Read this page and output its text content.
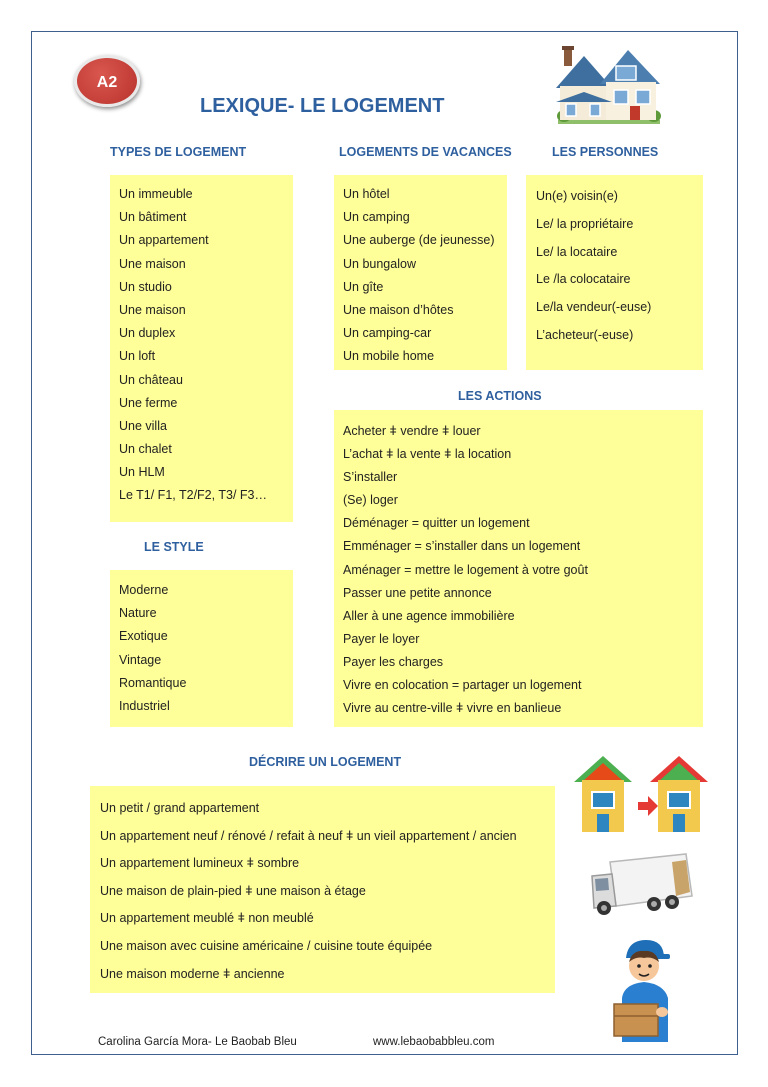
A2
LEXIQUE- LE LOGEMENT
TYPES DE LOGEMENT	LOGEMENTS DE VACANCES	LES PERSONNES
Un immeuble
Un bâtiment
Un appartement
Une maison
Un studio
Une maison
Un duplex
Un loft
Un château
Une ferme
Une villa
Un chalet
Un HLM
Le T1/ F1, T2/F2, T3/ F3…
Un hôtel
Un camping
Une auberge (de jeunesse)
Un bungalow
Un gîte
Une maison d’hôtes
Un camping-car
Un mobile home
Un(e) voisin(e)
Le/ la propriétaire
Le/ la locataire
Le /la colocataire
Le/la vendeur(-euse)
L’acheteur(-euse)
LES ACTIONS
Acheter ǂ vendre ǂ louer
L’achat ǂ la vente ǂ la location
S’installer
(Se) loger
Déménager = quitter un logement
Emménager = s’installer dans un logement
Aménager = mettre le logement à votre goût
Passer une petite annonce
Aller à une agence immobilière
Payer le loyer
Payer les charges
Vivre en colocation = partager un logement
Vivre au centre-ville ǂ vivre en banlieue
LE STYLE
Moderne
Nature
Exotique
Vintage
Romantique
Industriel
DÉCRIRE UN LOGEMENT
Un petit / grand appartement
Un appartement neuf / rénové / refait à neuf ǂ un vieil appartement / ancien
Un appartement lumineux ǂ sombre
Une maison de plain-pied ǂ une maison à étage
Un appartement meublé ǂ non meublé
Une maison avec cuisine américaine / cuisine toute équipée
Une maison moderne ǂ ancienne
Carolina García Mora- Le Baobab Bleu	www.lebaobabbleu.com
